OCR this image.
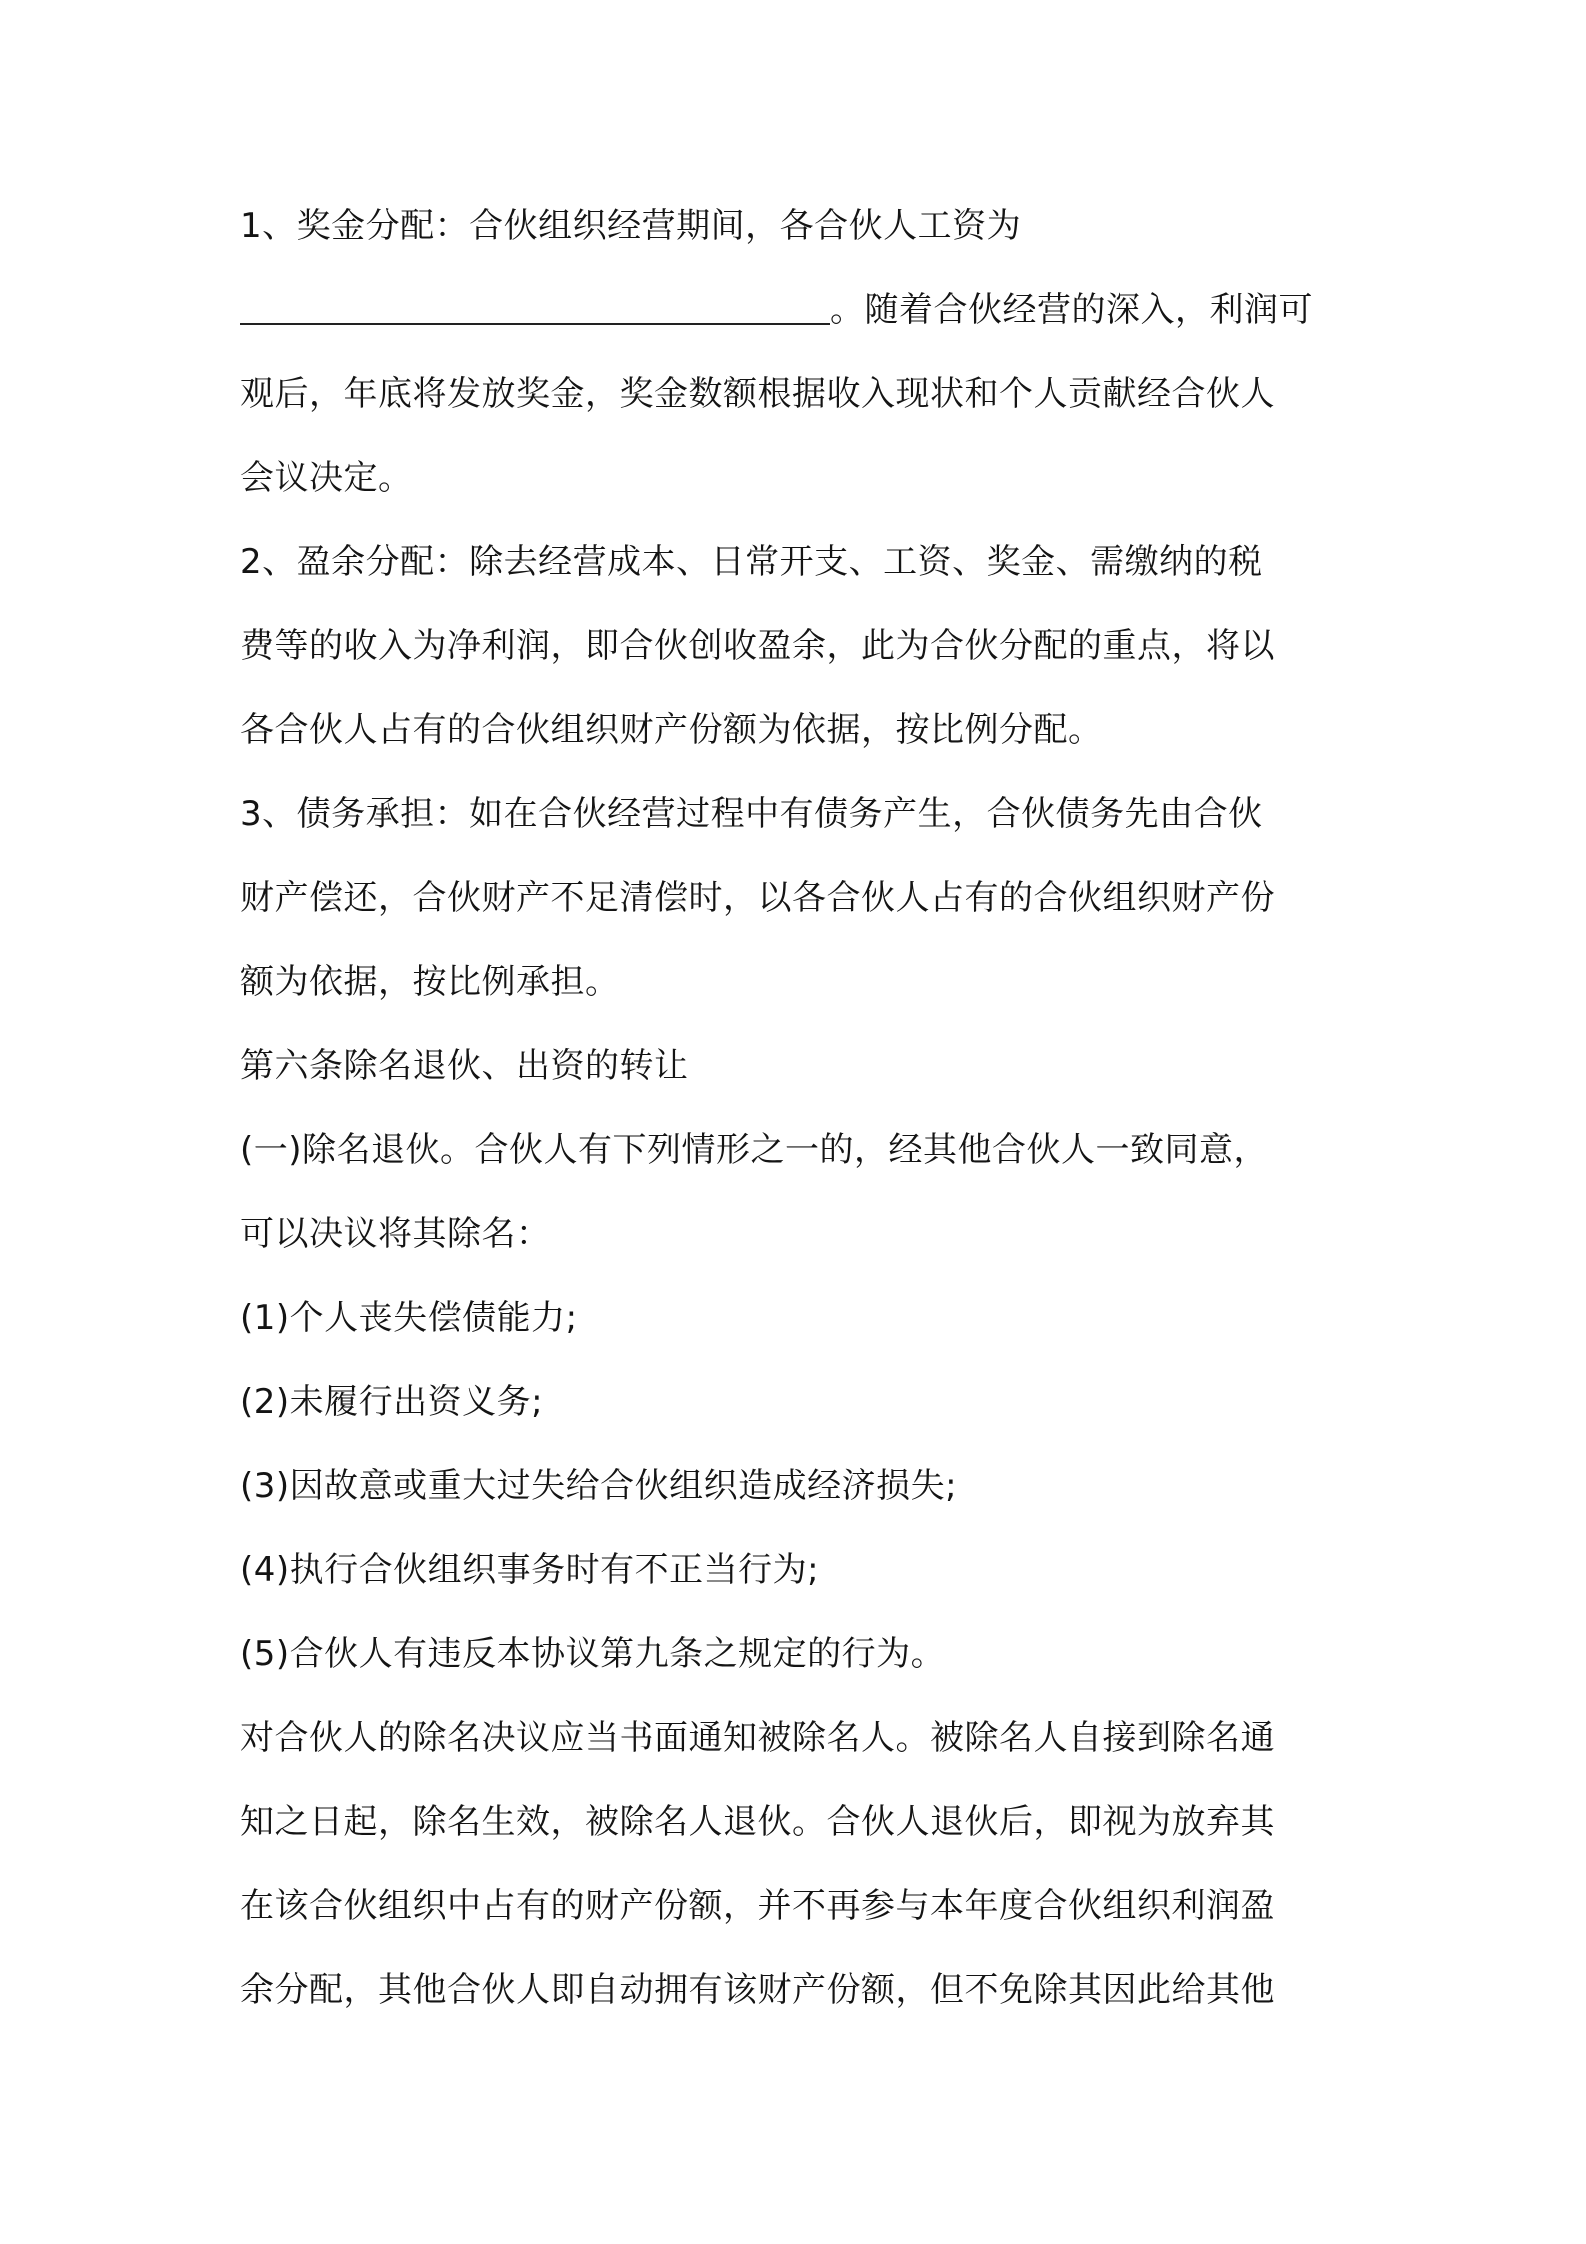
1、奖金分配：合伙组织经营期间，各合伙人工资为
。随着合伙经营的深入，利润可
观后，年底将发放奖金，奖金数额根据收入现状和个人贡献经合伙人
会议决定。
2、盈余分配：除去经营成本、日常开支、工资、奖金、需缴纳的税
费等的收入为净利润，即合伙创收盈余，此为合伙分配的重点，将以
各合伙人占有的合伙组织财产份额为依据，按比例分配。
3、债务承担：如在合伙经营过程中有债务产生，合伙债务先由合伙
财产偿还，合伙财产不足清偿时，以各合伙人占有的合伙组织财产份
额为依据，按比例承担。
第六条除名退伙、出资的转让
(一)除名退伙。合伙人有下列情形之一的，经其他合伙人一致同意，
可以决议将其除名：
(1)个人丧失偿债能力;
(2)未履行出资义务;
(3)因故意或重大过失给合伙组织造成经济损失;
(4)执行合伙组织事务时有不正当行为;
(5)合伙人有违反本协议第九条之规定的行为。
对合伙人的除名决议应当书面通知被除名人。被除名人自接到除名通
知之日起，除名生效，被除名人退伙。合伙人退伙后，即视为放弃其
在该合伙组织中占有的财产份额，并不再参与本年度合伙组织利润盈
余分配，其他合伙人即自动拥有该财产份额，但不免除其因此给其他
